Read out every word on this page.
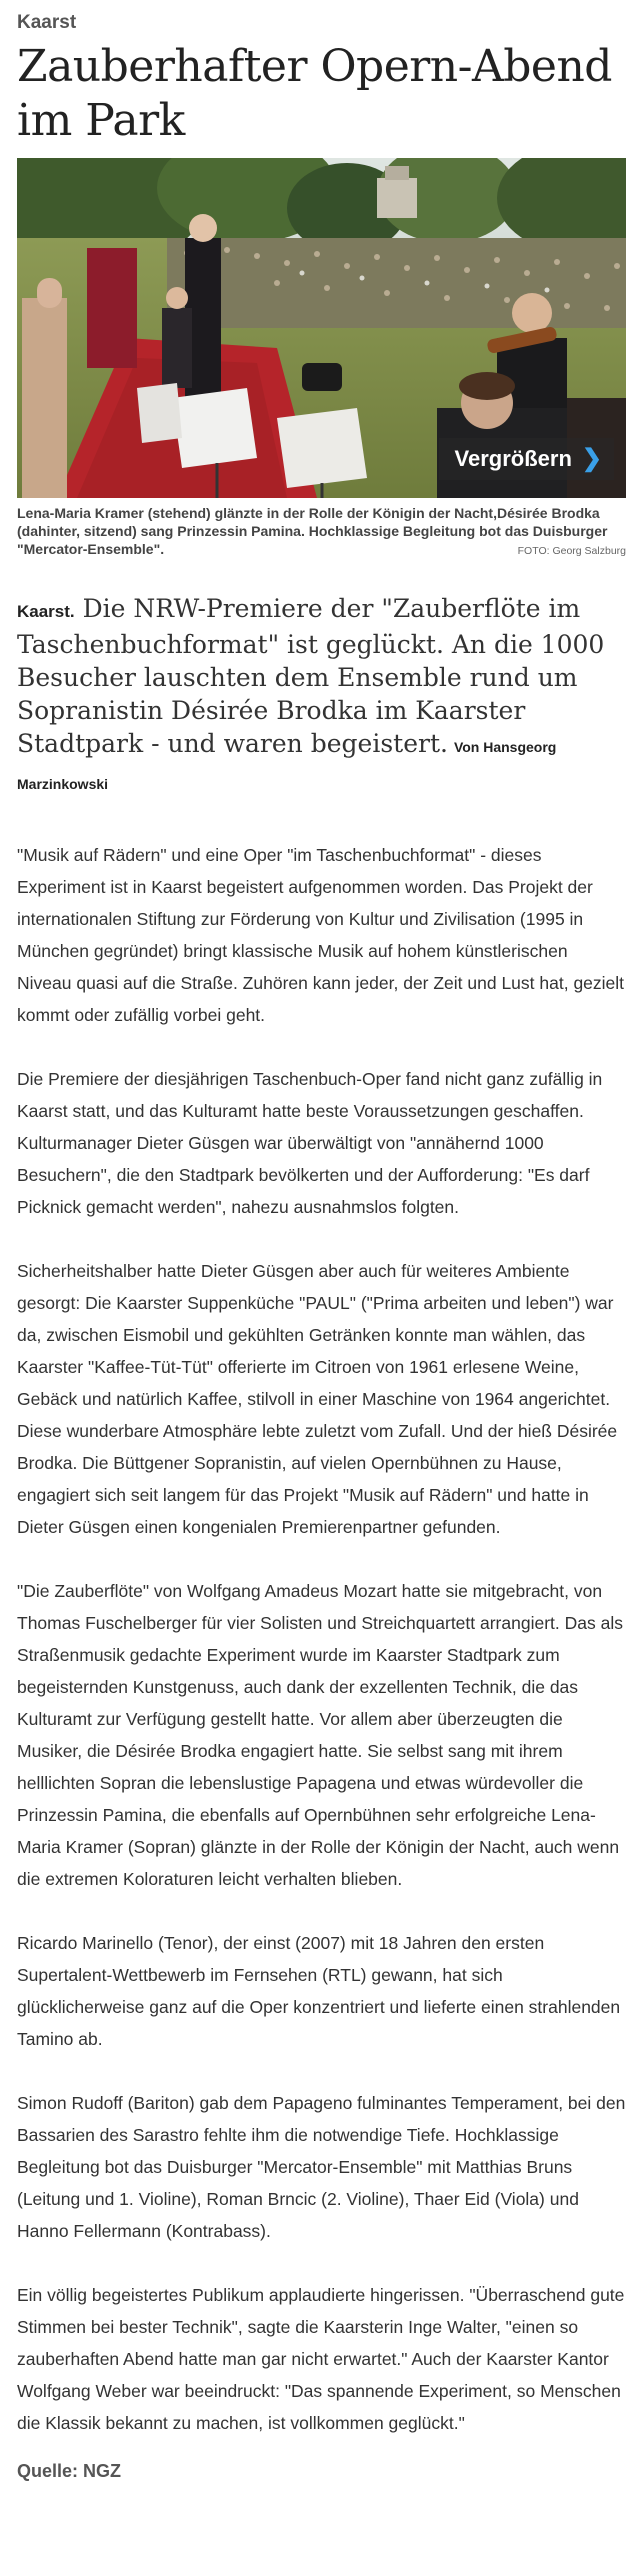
Kaarst
Zauberhafter Opern-Abend im Park
Vergrößern ❯
Lena-Maria Kramer (stehend) glänzte in der Rolle der Königin der Nacht,Désirée Brodka (dahinter, sitzend) sang Prinzessin Pamina. Hochklassige Begleitung bot das Duisburger "Mercator-Ensemble".	FOTO: Georg Salzburg
Kaarst. Die NRW-Premiere der "Zauberflöte im Taschenbuchformat" ist geglückt. An die 1000 Besucher lauschten dem Ensemble rund um Sopranistin Désirée Brodka im Kaarster Stadtpark - und waren begeistert. Von Hansgeorg Marzinkowski

"Musik auf Rädern" und eine Oper "im Taschenbuchformat" - dieses Experiment ist in Kaarst begeistert aufgenommen worden. Das Projekt der internationalen Stiftung zur Förderung von Kultur und Zivilisation (1995 in München gegründet) bringt klassische Musik auf hohem künstlerischen Niveau quasi auf die Straße. Zuhören kann jeder, der Zeit und Lust hat, gezielt kommt oder zufällig vorbei geht.

Die Premiere der diesjährigen Taschenbuch-Oper fand nicht ganz zufällig in Kaarst statt, und das Kulturamt hatte beste Voraussetzungen geschaffen. Kulturmanager Dieter Güsgen war überwältigt von "annähernd 1000 Besuchern", die den Stadtpark bevölkerten und der Aufforderung: "Es darf Picknick gemacht werden", nahezu ausnahmslos folgten.

Sicherheitshalber hatte Dieter Güsgen aber auch für weiteres Ambiente gesorgt: Die Kaarster Suppenküche "PAUL" ("Prima arbeiten und leben") war da, zwischen Eismobil und gekühlten Getränken konnte man wählen, das Kaarster "Kaffee-Tüt-Tüt" offerierte im Citroen von 1961 erlesene Weine, Gebäck und natürlich Kaffee, stilvoll in einer Maschine von 1964 angerichtet. Diese wunderbare Atmosphäre lebte zuletzt vom Zufall. Und der hieß Désirée Brodka. Die Büttgener Sopranistin, auf vielen Opernbühnen zu Hause, engagiert sich seit langem für das Projekt "Musik auf Rädern" und hatte in Dieter Güsgen einen kongenialen Premierenpartner gefunden.

"Die Zauberflöte" von Wolfgang Amadeus Mozart hatte sie mitgebracht, von Thomas Fuschelberger für vier Solisten und Streichquartett arrangiert. Das als Straßenmusik gedachte Experiment wurde im Kaarster Stadtpark zum begeisternden Kunstgenuss, auch dank der exzellenten Technik, die das Kulturamt zur Verfügung gestellt hatte. Vor allem aber überzeugten die Musiker, die Désirée Brodka engagiert hatte. Sie selbst sang mit ihrem helllichten Sopran die lebenslustige Papagena und etwas würdevoller die Prinzessin Pamina, die ebenfalls auf Opernbühnen sehr erfolgreiche Lena-Maria Kramer (Sopran) glänzte in der Rolle der Königin der Nacht, auch wenn die extremen Koloraturen leicht verhalten blieben.

Ricardo Marinello (Tenor), der einst (2007) mit 18 Jahren den ersten Supertalent-Wettbewerb im Fernsehen (RTL) gewann, hat sich glücklicherweise ganz auf die Oper konzentriert und lieferte einen strahlenden Tamino ab.

Simon Rudoff (Bariton) gab dem Papageno fulminantes Temperament, bei den Bassarien des Sarastro fehlte ihm die notwendige Tiefe. Hochklassige Begleitung bot das Duisburger "Mercator-Ensemble" mit Matthias Bruns (Leitung und 1. Violine), Roman Brncic (2. Violine), Thaer Eid (Viola) und Hanno Fellermann (Kontrabass).

Ein völlig begeistertes Publikum applaudierte hingerissen. "Überraschend gute Stimmen bei bester Technik", sagte die Kaarsterin Inge Walter, "einen so zauberhaften Abend hatte man gar nicht erwartet." Auch der Kaarster Kantor Wolfgang Weber war beeindruckt: "Das spannende Experiment, so Menschen die Klassik bekannt zu machen, ist vollkommen geglückt."

Quelle: NGZ
